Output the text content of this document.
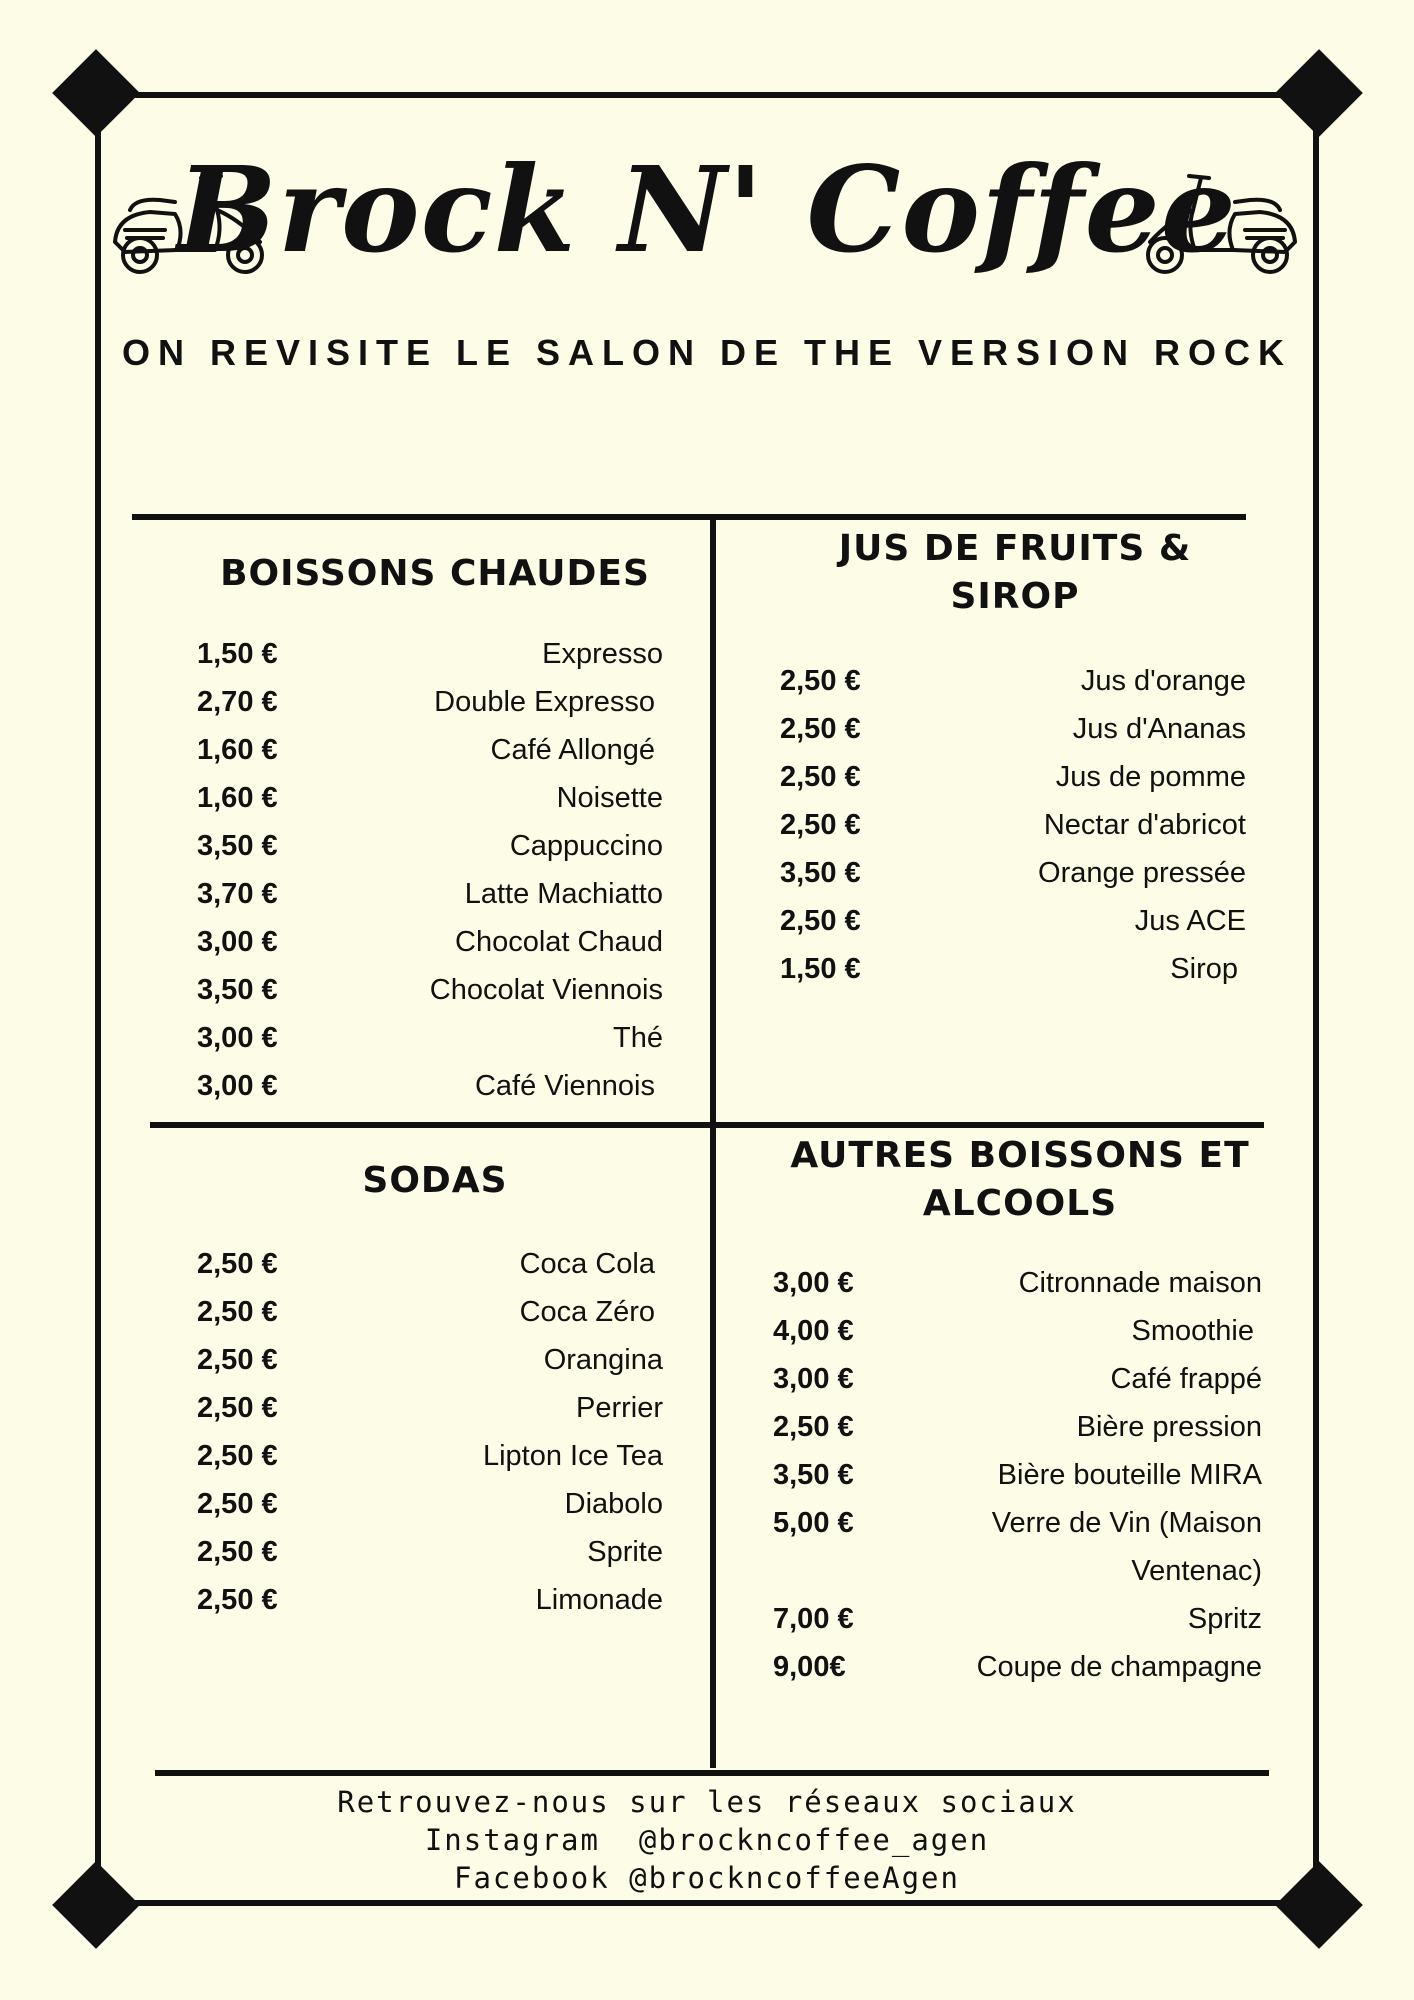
Brock N' Coffee
ON REVISITE LE SALON DE THE VERSION ROCK
BOISSONS CHAUDES
1,50 €	Expresso
2,70 €	Double Expresso
1,60 €	Café Allongé
1,60 €	Noisette
3,50 €	Cappuccino
3,70 €	Latte Machiatto
3,00 €	Chocolat Chaud
3,50 €	Chocolat Viennois
3,00 €	Thé
3,00 €	Café Viennois
JUS DE FRUITS &
SIROP
2,50 €	Jus d'orange
2,50 €	Jus d'Ananas
2,50 €	Jus de pomme
2,50 €	Nectar d'abricot
3,50 €	Orange pressée
2,50 €	Jus ACE
1,50 €	Sirop
SODAS
2,50 €	Coca Cola
2,50 €	Coca Zéro
2,50 €	Orangina
2,50 €	Perrier
2,50 €	Lipton Ice Tea
2,50 €	Diabolo
2,50 €	Sprite
2,50 €	Limonade
AUTRES BOISSONS ET
ALCOOLS
3,00 €	Citronnade maison
4,00 €	Smoothie
3,00 €	Café frappé
2,50 €	Bière pression
3,50 €	Bière bouteille MIRA
5,00 €	Verre de Vin (Maison Ventenac)
7,00 €	Spritz
9,00€	Coupe de champagne
Retrouvez-nous sur les réseaux sociaux
Instagram  @brockncoffee_agen
Facebook @brockncoffeeAgen
